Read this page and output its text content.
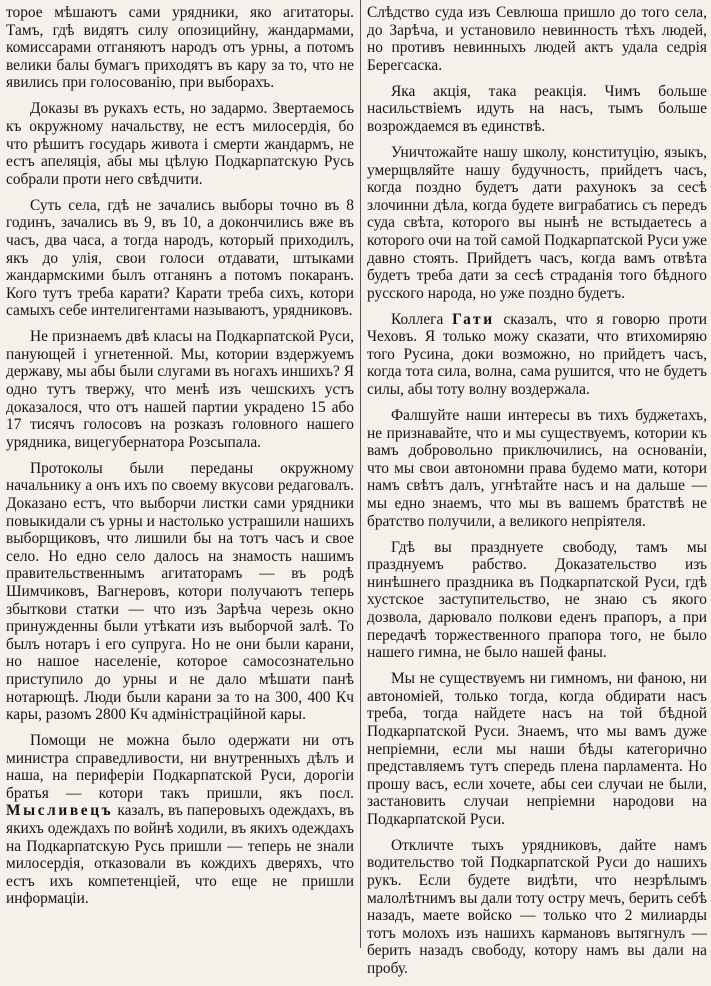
торое мѣшаютъ сами урядники, яко агитаторы. Тамъ, гдѣ видятъ силу опозицийну, жандармами, комиссарами отганяютъ народъ отъ урны, а потомъ велики балы бумагъ приходятъ въ кару за то, что не явились при голосованію, при выборахъ.

Доказы въ рукахъ есть, но задармо. Звертаемось къ окружному начальству, не естъ милосердія, бо что рѣшитъ государь живота і смерти жандармъ, не естъ апеляція, абы мы цѣлую Подкарпатскую Русь собрали проти него свѣдчити.

Суть села, гдѣ не зачались выборы точно въ 8 годинъ, зачались въ 9, въ 10, а докончились вже въ часъ, два часа, а тогда народъ, который приходилъ, якъ до улія, свои голоси отдавати, штыками жандармскими былъ отганянъ а потомъ покаранъ. Кого тутъ треба карати? Карати треба сихъ, котори самыхъ себе интелигентами называютъ, урядниковъ.

Не признаемъ двѣ класы на Подкарпатской Руси, панующей і угнетенной. Мы, котории вздержуемъ державу, мы абы были слугами въ ногахъ иншихъ? Я одно тутъ твержу, что менѣ изъ чешскихъ устъ доказалося, что отъ нашей партии украдено 15 або 17 тисячъ голосовъ на розказъ головного нашего урядника, вицегубернатора Розсыпала.

Протоколы были переданы окружному начальнику а онъ ихъ по своему вкусови редаговалъ. Доказано естъ, что выборчи листки сами урядники повыкидали съ урны и настолько устрашили нашихъ выборщиковъ, что лишили бы на тотъ часъ и свое село. Но едно село далось на знамость нашимъ правительственнымъ агитаторамъ — въ родѣ Шимчиковъ, Вагнеровъ, котори получаютъ теперь збыткови статки — что изъ Зарѣча черезь окно принужденны были утѣкати изъ выборчой залѣ. То былъ нотаръ і его супруга. Но не они были карани, но нашое населеніе, которое самосознательно приступило до урны и не дало мѣшати панѣ нотарющѣ. Люди были карани за то на 300, 400 Кч кары, разомъ 2800 Кч адміністраційной кары.

Помощи не можна было одержати ни отъ министра справедливости, ни внутренныхъ дѣлъ и нашa, на периферіи Подкарпатской Руси, дорогіи братья — котори такъ пришли, якъ посл. Мысливецъ казалъ, въ паперовыхъ одеждахъ, въ якихъ одеждахъ по войнѣ ходили, въ якихъ одеждахъ на Подкарпатскую Русь пришли — теперь не знали милосердія, отказовали въ кождихъ дверяхъ, что естъ ихъ компетенціей, что еще не пришли информаціи.

Слѣдство суда изъ Севлюша пришло до того села, до Зарѣча, и установило невинность тѣхъ людей, но противъ невинныхъ людей актъ удала седрія Берегсаска.

Яка акція, така реакція. Чимъ больше насильствіемъ идуть на насъ, тымъ больше возрождаемся въ единствѣ.

Уничтожайте нашу школу, конституцію, языкъ, умерщвляйте нашу будучность, прийдетъ часъ, когда поздно будетъ дати рахунокъ за сесѣ злочинни дѣла, когда будете виграбатись съ передъ суда свѣта, которого вы нынѣ не встыдаетесь а которого очи на той самой Подкарпатской Руси уже давно стоять. Прийдетъ часъ, когда вамъ отвѣта будетъ треба дати за сесѣ страданія того бѣдного русского народа, но уже поздно будетъ.

Коллега Гати сказалъ, что я говорю проти Чеховъ. Я только можу сказати, что втихомиряю того Русина, доки возможно, но прийдетъ часъ, когда тота сила, волна, сама рушится, что не будетъ силы, абы тоту волну воздержала.

Фалшуйте наши интересы въ тихъ буджетахъ, не признавайте, что и мы существуемъ, котории къ вамъ добровольно приключились, на основаніи, что мы свои автономни права будемо мати, котори намъ свѣтъ далъ, угнѣтайте насъ и на дальше — мы едно знаемъ, что мы въ вашемъ братствѣ не братство получили, а великого непріятеля.

Гдѣ вы празднуете свободу, тамъ мы празднуемъ рабство. Доказательство изъ нинѣшнего праздника въ Подкарпатской Руси, гдѣ хустское заступительство, не знаю съ якого дозвола, дарювало полкови еденъ прапоръ, а при передачѣ торжественного прапора того, не было нашего гимна, не было нашей фаны.

Мы не существуемъ ни гимномъ, ни фаною, ни автономіей, только тогда, когда обдирати насъ треба, тогда найдете насъ на той бѣдной Подкарпатской Руси. Знаемъ, что мы вамъ дуже непріемни, если мы наши бѣды категорично представляемъ тутъ спередь плена парламента. Но прошу васъ, если хочете, абы сеи случаи не были, застановить случаи непріемни народови на Подкарпатской Руси.

Откличте тыхъ урядниковъ, дайте намъ водительство той Подкарпатской Руси до нашихъ рукъ. Если будете видѣти, что незрѣлымъ малолѣтнимъ вы дали тоту остру мечъ, берить себѣ назадъ, маете войско — только что 2 милиарды тотъ молохъ изъ нашихъ кармановъ вытягнулъ — берить назадъ свободу, котору намъ вы дали на пробу.
